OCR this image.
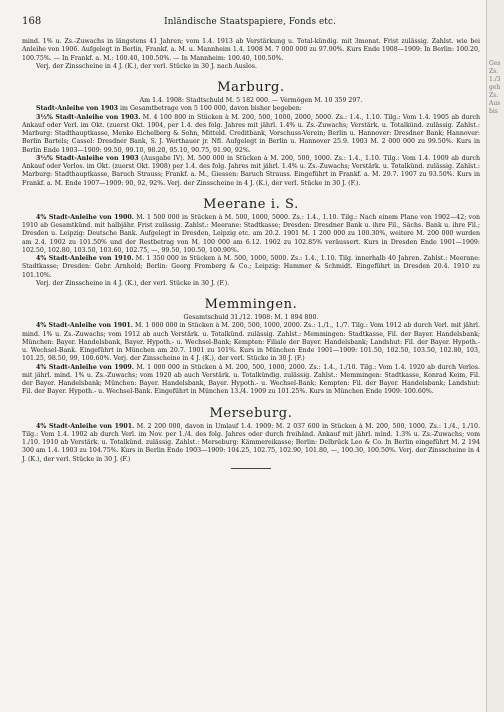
168	Inländische Staatspapiere, Fonds etc.

mind. 1% u. Zs.-Zuwachs in längstens 41 Jahren; vom 1.4. 1913 ab Verstärkung u. Total-kündig. mit 3monat. Frist zulässig. Zahlst. wie bei Anleihe von 1906. Aufgelegt in Berlin, Frankf. a. M. u. Mannheim 1.4. 1908 M. 7 000 000 zu 97.90%. Kurs Ende 1908—1909: In Berlin: 100.20, 100.75%. — In Frankf. a. M.: 100.40, 100.50%. — In Mannheim: 100.40, 100.50%.

Verj. der Zinsscheine in 4 J. (K.), der verl. Stücke in 30 J. nach Auslos.

Marburg.

Am 1.4. 1908: Stadtschuld M. 5 182 000. — Vermögen M. 10 359 297.

Stadt-Anleihe von 1903 im Gesamtbetrage von 5 100 000, davon bisher begeben:

3½% Stadt-Anleihe von 1903. M. 4 100 800 in Stücken à M. 200, 500, 1000, 2000, 5000. Zs.: 1.4., 1.10. Tilg.: Vom 1.4. 1905 ab durch Ankauf oder Verl. im Okt. (zuerst Okt. 1904, per 1.4. des folg. Jahres mit jährl. 1.4% u. Zs.-Zuwachs; Verstärk. u. Totalkünd. zulässig. Zahlst.: Marburg: Stadthauptkasse, Menke Eichelberg & Sohn, Mitteld. Creditbank, Vorschuss-Verein; Berlin u. Hannover: Dresdner Bank; Hannover: Berlin Bartels; Cassel: Dresdner Bank, S. J. Werthauer jr. Nfl. Aufgelegt in Berlin u. Hannover 25.9. 1903 M. 2 000 000 zu 99.50%. Kurs in Berlin Ende 1903—1909: 99.50, 99.10, 98.20, 95.10, 90.75, 91.90, 92%.

3½% Stadt-Anleihe von 1903 (Ausgabe IV). M. 500 000 in Stücken à M. 200, 500, 1000. Zs.: 1.4., 1.10. Tilg.: Vom 1.4. 1909 ab durch Ankauf oder Verlos. im Okt. (zuerst Okt. 1908) per 1.4. des folg. Jahres mit jährl. 1.4% u. Zs.-Zuwachs; Verstärk. u. Totalkünd. zulässig. Zahlst.: Marburg: Stadthauptkasse, Baruch Strauss; Frankf. a. M., Giessen: Baruch Strauss. Eingeführt in Frankf. a. M. 29.7. 1907 zu 93.50%. Kurs in Frankf. a. M. Ende 1907—1909: 90, 92, 92%. Verj. der Zinsscheine in 4 J. (K.), der verl. Stücke in 30 J. (F.).

Meerane i. S.

4% Stadt-Anleihe von 1900. M. 1 500 000 in Stücken à M. 500, 1000, 5000. Zs.: 1.4., 1.10. Tilg.: Nach einem Plane von 1902—42; von 1910 ab Gesamtkünd. mit halbjähr. Frist zulässig. Zahlst.: Meerane: Stadtkasse; Dresden: Dresdner Bank u. ihre Fil., Sächs. Bank u. ihre Fil.; Dresden u. Leipzig: Deutsche Bank. Aufgelegt in Dresden, Leipzig etc. am 20.2. 1901 M. 1 200 000 zu 100.30%, weitere M. 200 000 wurden am 2.4. 1902 zu 101.50% und der Restbetrag von M. 100 000 am 6.12. 1902 zu 102.85% veräussert. Kurs in Dresden Ende 1901—1909: 102.50, 102.80, 103.50, 103.60, 102.75, —, 99.50, 100.50, 100.90%.

4% Stadt-Anleihe von 1910. M. 1 350 000 in Stücken à M. 500, 1000, 5000. Zs.: 1.4., 1.10. Tilg. innerhalb 40 Jahren. Zahlst.: Meerane: Stadtkasse; Dresden: Gebr. Arnhold; Berlin: Georg Fromberg & Co.; Leipzig: Hammer & Schmidt. Eingeführt in Dresden 20.4. 1910 zu 101.10%.

Verj. der Zinsscheine in 4 J. (K.), der verl. Stücke in 30 J. (F.).

Memmingen.

Gesamtschuld 31./12. 1908: M. 1 894 800.

4% Stadt-Anleihe von 1901. M. 1 000 000 in Stücken à M. 200, 500, 1000, 2000. Zs.: 1./1., 1./7. Tilg.: Vom 1912 ab durch Verl. mit jährl. mind. 1% u. Zs.-Zuwachs; vom 1912 ab auch Verstärk. u. Totalkünd. zulässig. Zahlst.: Memmingen: Stadtkasse, Fil. der Bayer. Handelsbank; München: Bayer. Handelsbank, Bayer. Hypoth.- u. Wechsel-Bank; Kempten: Filiale der Bayer. Handelsbank; Landshut: Fil. der Bayer. Hypoth.- u. Wechsel-Bank. Eingeführt in München am 20.7. 1901 zu 101%. Kurs in München Ende 1901—1909: 101.50, 102.50, 103.50, 102.80, 103, 101.25, 98.50, 99, 100.60%. Verj. der Zinsscheine in 4 J. (K.), der verl. Stücke in 30 J. (F.)

4% Stadt-Anleihe von 1909. M. 1 000 000 in Stücken à M. 200, 500, 1000, 2000. Zs.: 1.4., 1./10. Tilg.: Vom 1.4. 1920 ab durch Verlos. mit jährl. mind. 1% u. Zs.-Zuwachs; vom 1920 ab auch Verstärk. u. Totalkündig. zulässig. Zahlst.: Memmingen: Stadtkasse, Konrad Keim, Fil. der Bayer. Handelsbank; München: Bayer. Handelsbank, Bayer. Hypoth.- u. Wechsel-Bank; Kempten: Fil. der Bayer. Handelsbank; Landshut: Fil. der Bayer. Hypoth.- u. Wechsel-Bank. Eingeführt in München 13./4. 1909 zu 101.25%. Kurs in München Ende 1909: 100.60%.

Merseburg.

4% Stadt-Anleihe von 1901. M. 2 200 000, davon in Umlauf 1.4. 1909: M. 2 037 600 in Stücken à M. 200, 500, 1000. Zs.: 1./4., 1./10. Tilg.: Vom 1.4. 1902 ab durch Verl. im Nov. per 1./4. des folg. Jahres oder durch freihänd. Ankauf mit jährl. mind. 1.3% u. Zs.-Zuwachs; vom 1./10. 1910 ab Verstärk. u. Totalkünd. zulässig. Zahlst.: Merseburg: Kämmereikasse; Berlin: Delbrück Leo & Co. In Berlin eingeführt M. 2 194 300 am 1.4. 1903 zu 104.75%. Kurs in Berlin Ende 1903—1909: 104.25, 102.75, 102.90, 101.80, —, 100.30, 100.50%. Verj. der Zinsscheine in 4 J. (K.), der verl. Stücke in 30 J. (F.)

Ges
Zs.
1./3
geh
Zs.
Aus
bis
